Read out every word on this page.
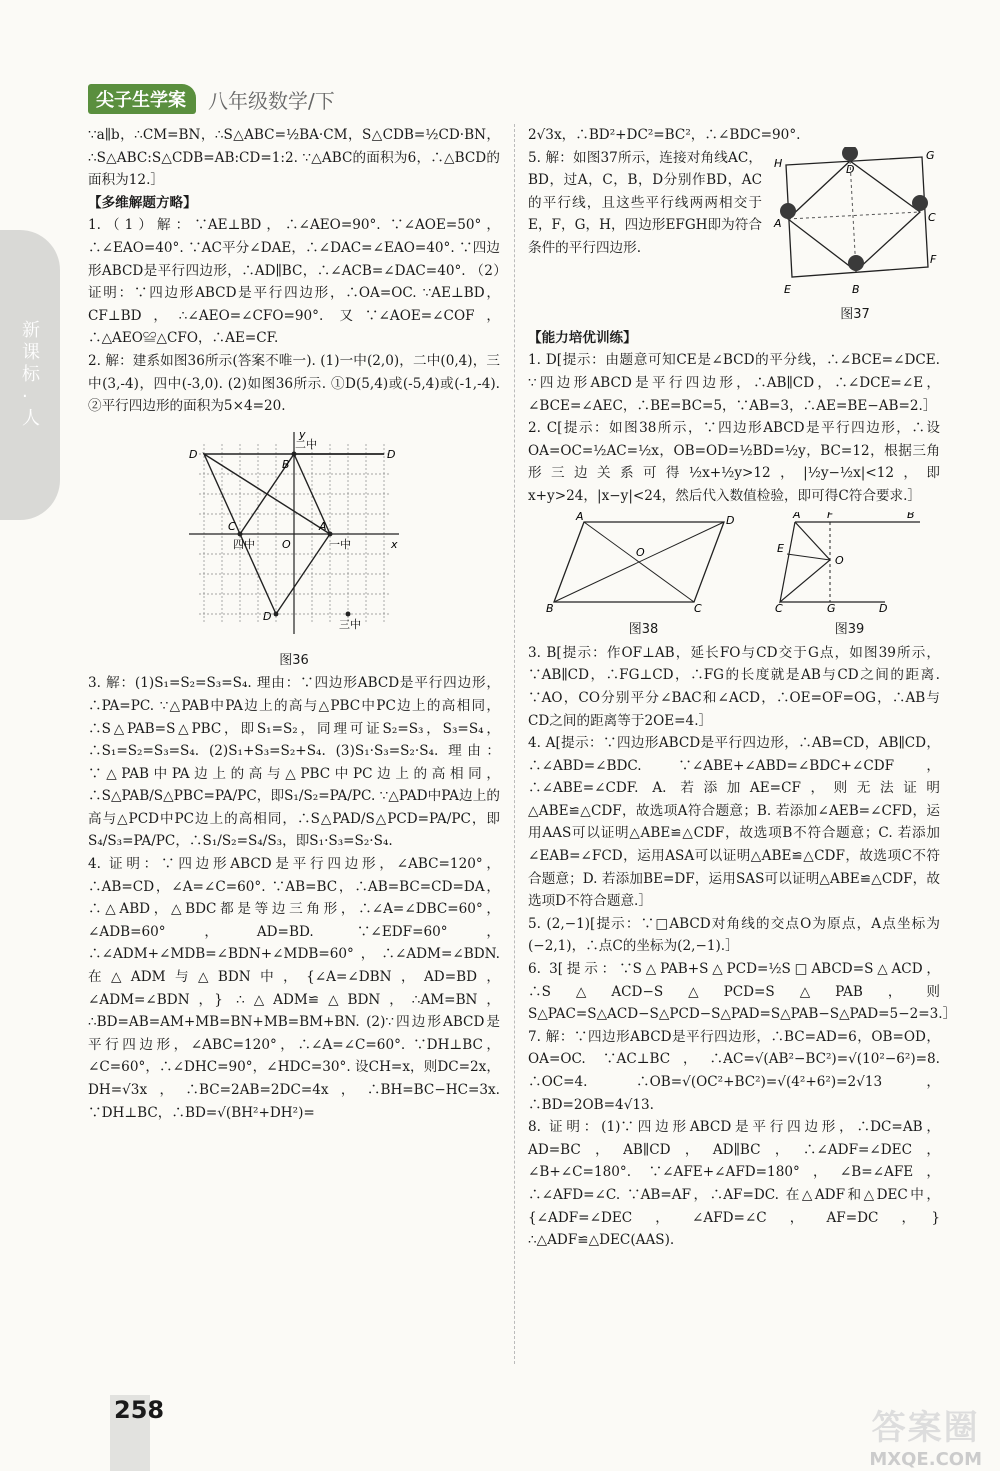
新课标·人
尖子生学案	八年级数学/下

∵a∥b，∴CM=BN，∴S△ABC=½BA·CM，S△CDB=½CD·BN，∴S△ABC:S△CDB=AB:CD=1:2. ∵△ABC的面积为6，∴△BCD的面积为12.］

【多维解题方略】

1.（1）解：∵AE⊥BD，∴∠AEO=90°. ∵∠AOE=50°，∴∠EAO=40°. ∵AC平分∠DAE，∴∠DAC=∠EAO=40°. ∵四边形ABCD是平行四边形，∴AD∥BC，∴∠ACB=∠DAC=40°. （2）证明：∵四边形ABCD是平行四边形，∴OA=OC. ∵AE⊥BD，CF⊥BD，∴∠AEO=∠CFO=90°. 又∵∠AOE=∠COF，∴△AEO≌△CFO，∴AE=CF.

2. 解：建系如图36所示(答案不唯一). (1)一中(2,0)，二中(0,4)，三中(3,-4)，四中(-3,0). (2)如图36所示. ①D(5,4)或(-5,4)或(-1,-4). ②平行四边形的面积为5×4=20.

y
x
O
D	D
D
B
C	A
二中
一中
四中
三中

图36

3. 解：(1)S₁=S₂=S₃=S₄. 理由：∵四边形ABCD是平行四边形，∴PA=PC. ∵△PAB中PA边上的高与△PBC中PC边上的高相同，∴S△PAB=S△PBC，即S₁=S₂，同理可证S₂=S₃，S₃=S₄，∴S₁=S₂=S₃=S₄. (2)S₁+S₃=S₂+S₄. (3)S₁·S₃=S₂·S₄. 理由：∵△PAB中PA边上的高与△PBC中PC边上的高相同，∴S△PAB/S△PBC=PA/PC，即S₁/S₂=PA/PC. ∵△PAD中PA边上的高与△PCD中PC边上的高相同，∴S△PAD/S△PCD=PA/PC，即S₄/S₃=PA/PC，∴S₁/S₂=S₄/S₃，即S₁·S₃=S₂·S₄.

4. 证明：∵四边形ABCD是平行四边形，∠ABC=120°，∴AB=CD，∠A=∠C=60°. ∵AB=BC，∴AB=BC=CD=DA，∴△ABD，△BDC都是等边三角形，∴∠A=∠DBC=60°，∠ADB=60°，AD=BD. ∵∠EDF=60°，∴∠ADM+∠MDB=∠BDN+∠MDB=60°，∴∠ADM=∠BDN. 在△ADM与△BDN中，{∠A=∠DBN，AD=BD，∠ADM=∠BDN，} ∴△ADM≌△BDN，∴AM=BN，∴BD=AB=AM+MB=BN+MB=BM+BN. (2)∵四边形ABCD是平行四边形，∠ABC=120°，∴∠A=∠C=60°. ∵DH⊥BC，∠C=60°，∴∠DHC=90°，∠HDC=30°. 设CH=x，则DC=2x，DH=√3x，∴BC=2AB=2DC=4x，∴BH=BC−HC=3x. ∵DH⊥BC，∴BD=√(BH²+DH²)=

2√3x，∴BD²+DC²=BC²，∴∠BDC=90°.

5. 解：如图37所示，连接对角线AC，BD，过A，C，B，D分别作BD，AC的平行线，且这些平行线两两相交于E，F，G，H，四边形EFGH即为符合条件的平行四边形.

H
G
E
F
A
B
C
D

图37

【能力培优训练】

1. D[提示：由题意可知CE是∠BCD的平分线，∴∠BCE=∠DCE. ∵四边形ABCD是平行四边形，∴AB∥CD，∴∠DCE=∠E，∠BCE=∠AEC，∴BE=BC=5，∵AB=3，∴AE=BE−AB=2.］

2. C[提示：如图38所示，∵四边形ABCD是平行四边形，∴设OA=OC=½AC=½x，OB=OD=½BD=½y，BC=12，根据三角形三边关系可得½x+½y>12，|½y−½x|<12，即x+y>24，|x−y|<24，然后代入数值检验，即可得C符合要求.］

A	D
O
B	C

图38

A F	B
E
O
C	G	D

图39

3. B[提示：作OF⊥AB，延长FO与CD交于G点，如图39所示，∵AB∥CD，∴FG⊥CD，∴FG的长度就是AB与CD之间的距离. ∵AO，CO分别平分∠BAC和∠ACD，∴OE=OF=OG，∴AB与CD之间的距离等于2OE=4.］

4. A[提示：∵四边形ABCD是平行四边形，∴AB=CD，AB∥CD，∴∠ABD=∠BDC. ∵∠ABE+∠ABD=∠BDC+∠CDF，∴∠ABE=∠CDF. A. 若添加AE=CF，则无法证明△ABE≌△CDF，故选项A符合题意；B. 若添加∠AEB=∠CFD，运用AAS可以证明△ABE≌△CDF，故选项B不符合题意；C. 若添加∠EAB=∠FCD，运用ASA可以证明△ABE≌△CDF，故选项C不符合题意；D. 若添加BE=DF，运用SAS可以证明△ABE≌△CDF，故选项D不符合题意.］

5. (2,−1)[提示：∵□ABCD对角线的交点O为原点，A点坐标为(−2,1)，∴点C的坐标为(2,−1).］

6. 3[提示：∵S△PAB+S△PCD=½S□ABCD=S△ACD，∴S△ACD−S△PCD=S△PAB，则S△PAC=S△ACD−S△PCD−S△PAD=S△PAB−S△PAD=5−2=3.］

7. 解：∵四边形ABCD是平行四边形，∴BC=AD=6，OB=OD，OA=OC. ∵AC⊥BC，∴AC=√(AB²−BC²)=√(10²−6²)=8. ∴OC=4. ∴OB=√(OC²+BC²)=√(4²+6²)=2√13，∴BD=2OB=4√13.

8. 证明：(1)∵四边形ABCD是平行四边形，∴DC=AB，AD=BC，AB∥CD，AD∥BC，∴∠ADF=∠DEC，∠B+∠C=180°. ∵∠AFE+∠AFD=180°，∠B=∠AFE，∴∠AFD=∠C. ∵AB=AF，∴AF=DC. 在△ADF和△DEC中，{∠ADF=∠DEC，∠AFD=∠C，AF=DC，} ∴△ADF≌△DEC(AAS).

258	答案圈
MXQE.COM
